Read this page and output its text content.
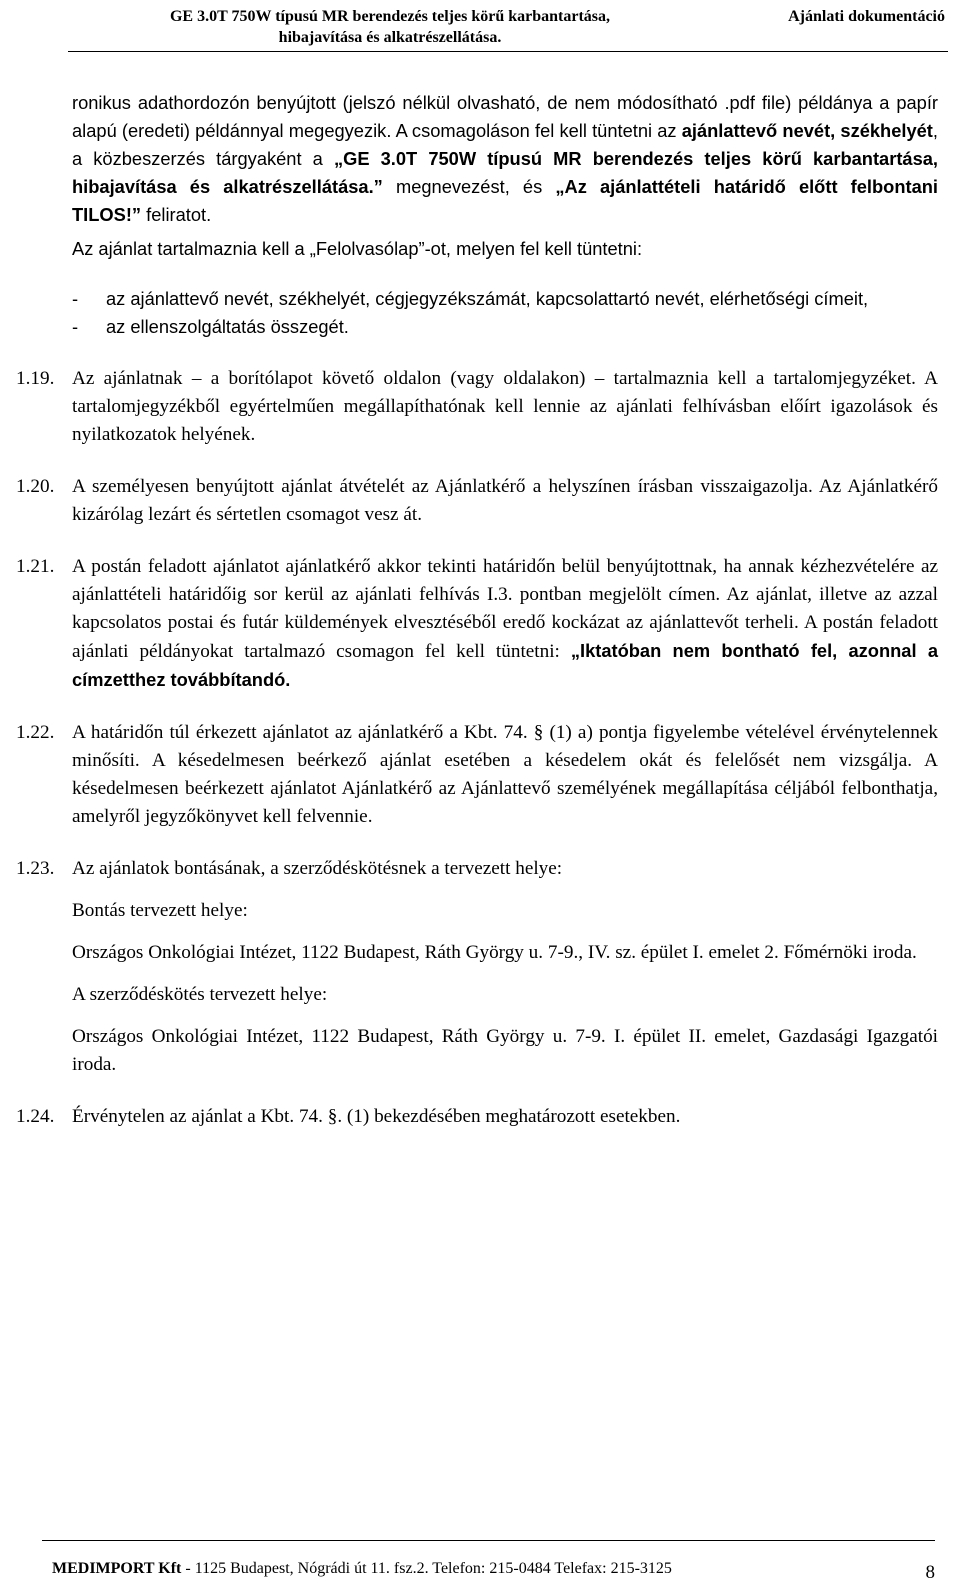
GE 3.0T 750W típusú MR berendezés teljes körű karbantartása,
hibajavítása és alkatrészellátása.
Ajánlati dokumentáció

ronikus adathordozón benyújtott (jelszó nélkül olvasható, de nem módosítható .pdf file) példánya a papír alapú (eredeti) példánnyal megegyezik. A csomagoláson fel kell tüntetni az ajánlattevő nevét, székhelyét, a közbeszerzés tárgyaként a „GE 3.0T 750W típusú MR berendezés teljes körű karbantartása, hibajavítása és alkatrészellátása.” megnevezést, és „Az ajánlattételi határidő előtt felbontani TILOS!” feliratot.

Az ajánlat tartalmaznia kell a „Felolvasólap”-ot, melyen fel kell tüntetni:

-	az ajánlattevő nevét, székhelyét, cégjegyzékszámát, kapcsolattartó nevét, elérhetőségi címeit,
-	az ellenszolgáltatás összegét.
1.19. Az ajánlatnak – a borítólapot követő oldalon (vagy oldalakon) – tartalmaznia kell a tartalomjegyzéket. A tartalomjegyzékből egyértelműen megállapíthatónak kell lennie az ajánlati felhívásban előírt igazolások és nyilatkozatok helyének.
1.20. A személyesen benyújtott ajánlat átvételét az Ajánlatkérő a helyszínen írásban visszaigazolja. Az Ajánlatkérő kizárólag lezárt és sértetlen csomagot vesz át.
1.21. A postán feladott ajánlatot ajánlatkérő akkor tekinti határidőn belül benyújtottnak, ha annak kézhezvételére az ajánlattételi határidőig sor kerül az ajánlati felhívás I.3. pontban megjelölt címen. Az ajánlat, illetve az azzal kapcsolatos postai és futár küldemények elvesztéséből eredő kockázat az ajánlattevőt terheli. A postán feladott ajánlati példányokat tartalmazó csomagon fel kell tüntetni: „Iktatóban nem bontható fel, azonnal a címzetthez továbbítandó.
1.22. A határidőn túl érkezett ajánlatot az ajánlatkérő a Kbt. 74. § (1) a) pontja figyelembe vételével érvénytelennek minősíti. A késedelmesen beérkező ajánlat esetében a késedelem okát és felelősét nem vizsgálja. A késedelmesen beérkezett ajánlatot Ajánlatkérő az Ajánlattevő személyének megállapítása céljából felbonthatja, amelyről jegyzőkönyvet kell felvennie.
1.23. Az ajánlatok bontásának, a szerződéskötésnek a tervezett helye:
Bontás tervezett helye:
Országos Onkológiai Intézet, 1122 Budapest, Ráth György u. 7-9., IV. sz. épület I. emelet 2. Főmérnöki iroda.
A szerződéskötés tervezett helye:
Országos Onkológiai Intézet, 1122 Budapest, Ráth György u. 7-9. I. épület II. emelet, Gazdasági Igazgatói iroda.
1.24. Érvénytelen az ajánlat a Kbt. 74. §. (1) bekezdésében meghatározott esetekben.
MEDIMPORT Kft - 1125 Budapest, Nógrádi út 11. fsz.2. Telefon: 215-0484 Telefax: 215-3125	8
